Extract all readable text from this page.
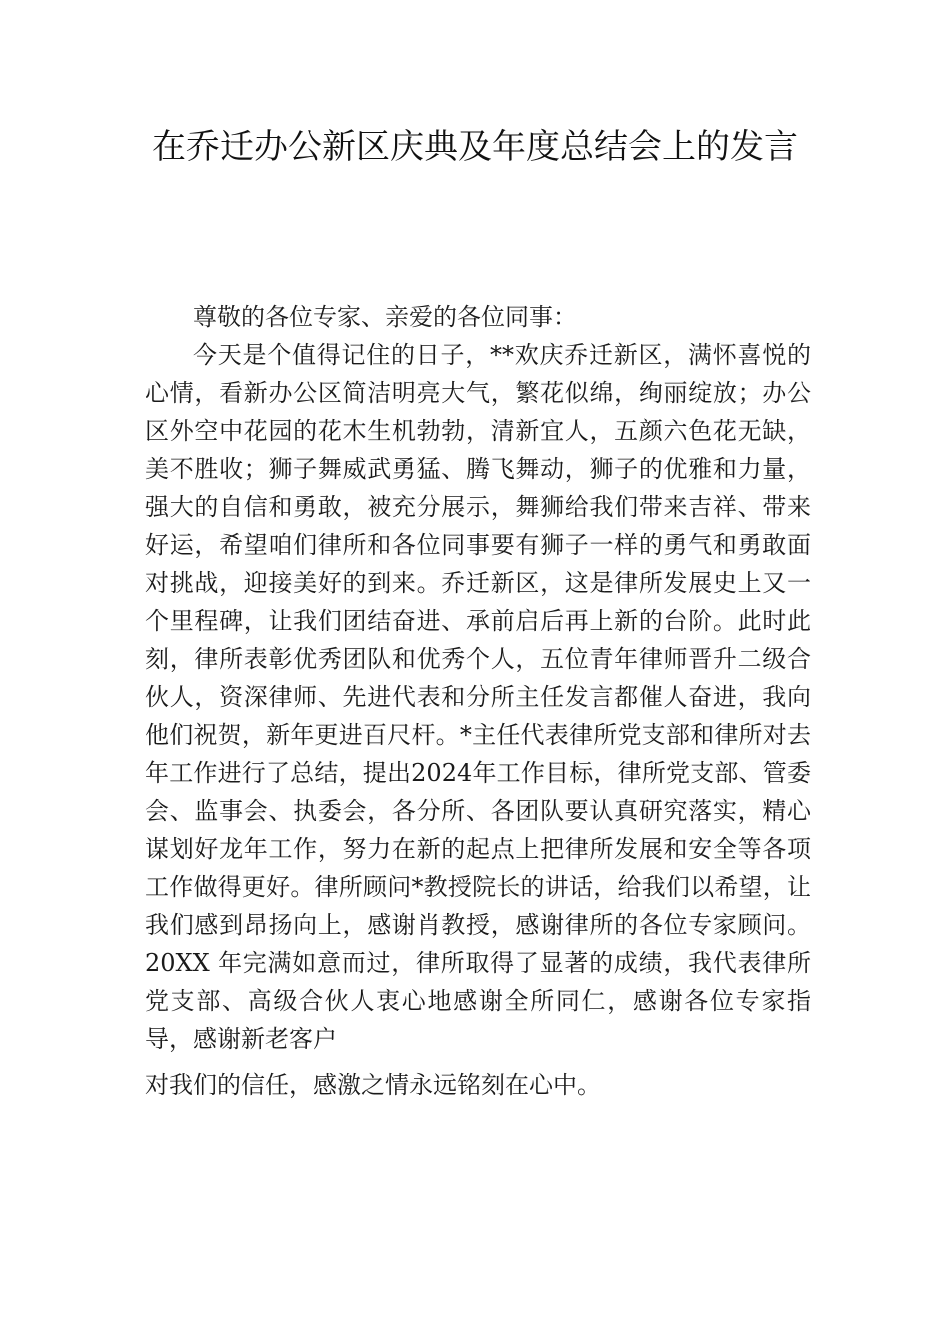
在乔迁办公新区庆典及年度总结会上的发言

尊敬的各位专家、亲爱的各位同事：

今天是个值得记住的日子，**欢庆乔迁新区，满怀喜悦的心情，看新办公区简洁明亮大气，繁花似绵，绚丽绽放；办公区外空中花园的花木生机勃勃，清新宜人，五颜六色花无缺，美不胜收；狮子舞威武勇猛、腾飞舞动，狮子的优雅和力量，强大的自信和勇敢，被充分展示，舞狮给我们带来吉祥、带来好运，希望咱们律所和各位同事要有狮子一样的勇气和勇敢面对挑战，迎接美好的到来。乔迁新区，这是律所发展史上又一个里程碑，让我们团结奋进、承前启后再上新的台阶。此时此刻，律所表彰优秀团队和优秀个人，五位青年律师晋升二级合伙人，资深律师、先进代表和分所主任发言都催人奋进，我向他们祝贺，新年更进百尺杆。*主任代表律所党支部和律所对去年工作进行了总结，提出2024年工作目标，律所党支部、管委会、监事会、执委会，各分所、各团队要认真研究落实，精心谋划好龙年工作，努力在新的起点上把律所发展和安全等各项工作做得更好。律所顾问*教授院长的讲话，给我们以希望，让我们感到昂扬向上，感谢肖教授，感谢律所的各位专家顾问。20XX 年完满如意而过，律所取得了显著的成绩，我代表律所党支部、高级合伙人衷心地感谢全所同仁，感谢各位专家指导，感谢新老客户

对我们的信任，感激之情永远铭刻在心中。
